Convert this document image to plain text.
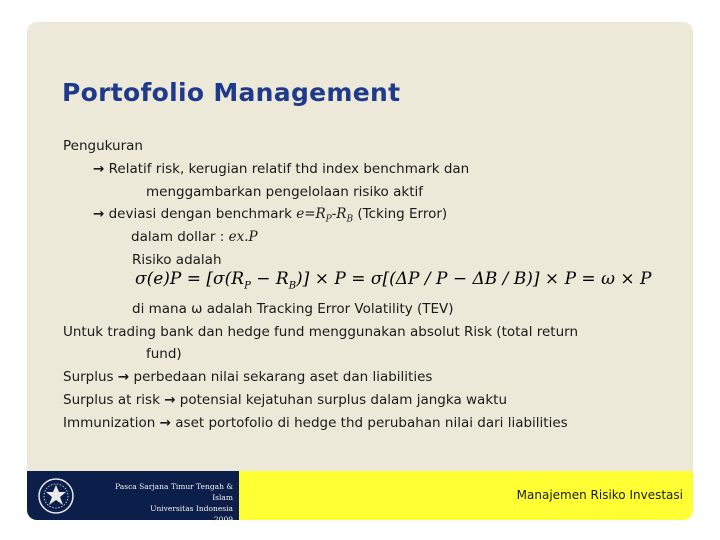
Portofolio Management
Pengukuran
→ Relatif risk, kerugian relatif thd index benchmark dan
menggambarkan pengelolaan risiko aktif
→ deviasi dengan benchmark $e=R_P-R_B$ (Tcking Error)
dalam dollar : ex.P
Risiko adalah
$\sigma(e)P = [\sigma(R_P - R_B)] \times P = \sigma[(\Delta P / P - \Delta B / B)] \times P = \omega \times P$
di mana ω adalah Tracking Error Volatility (TEV)
Untuk trading bank dan hedge fund menggunakan absolut Risk (total return
fund)
Surplus → perbedaan nilai sekarang aset dan liabilities
Surplus at risk → potensial kejatuhan surplus dalam jangka waktu
Immunization → aset portofolio di hedge thd perubahan nilai dari liabilities
Pasca Sarjana Timur Tengah & Islam
Universitas Indonesia
2009
Manajemen Risiko Investasi
